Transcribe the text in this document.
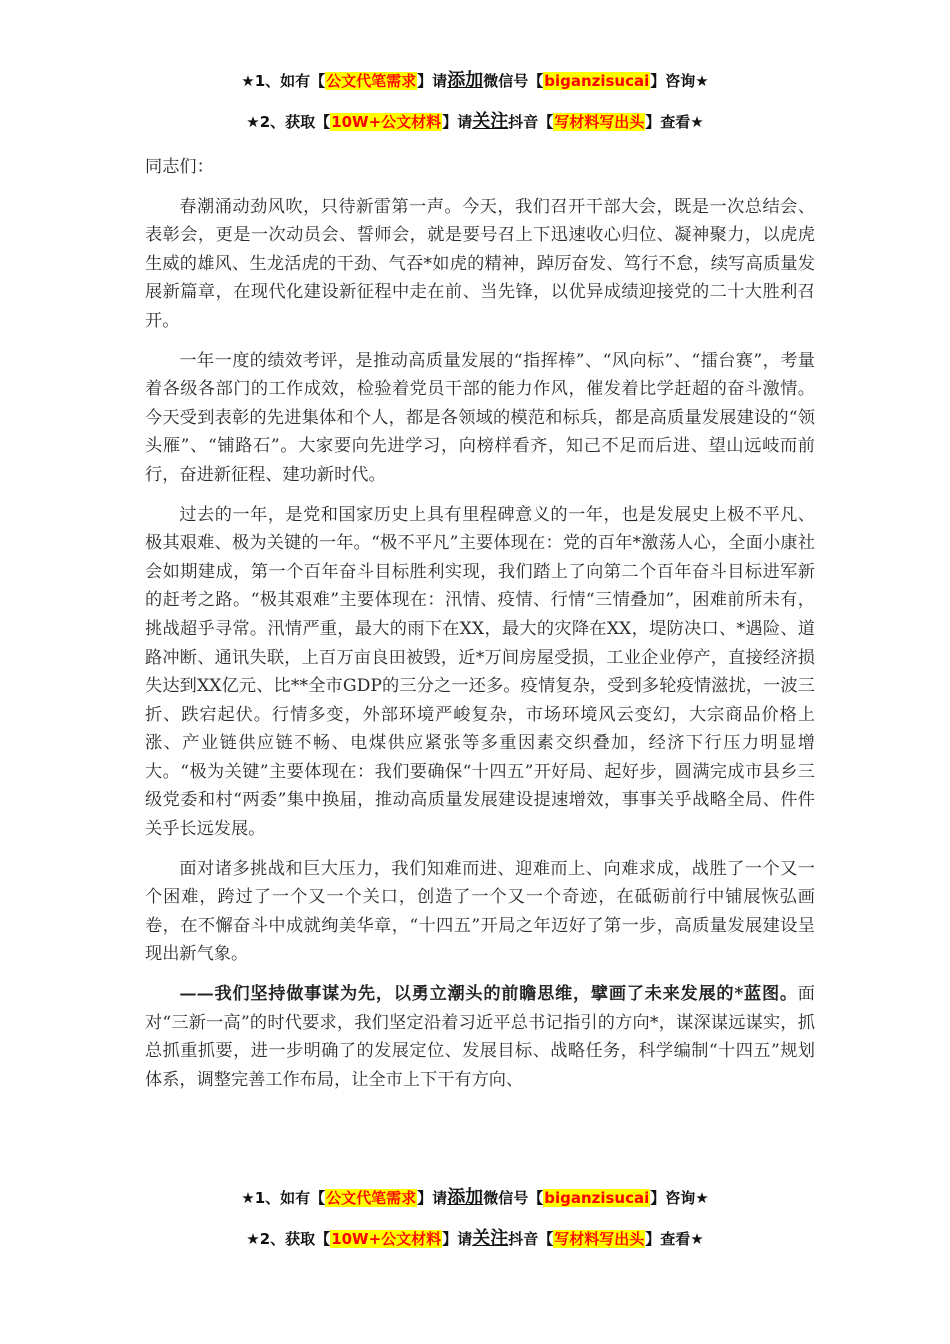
★1、如有【公文代笔需求】请添加微信号【biganzisucai】咨询★
★2、获取【10W+公文材料】请关注抖音【写材料写出头】查看★

同志们：

春潮涌动劲风吹，只待新雷第一声。今天，我们召开干部大会，既是一次总结会、表彰会，更是一次动员会、誓师会，就是要号召上下迅速收心归位、凝神聚力，以虎虎生威的雄风、生龙活虎的干劲、气吞*如虎的精神，踔厉奋发、笃行不怠，续写高质量发展新篇章，在现代化建设新征程中走在前、当先锋，以优异成绩迎接党的二十大胜利召开。

一年一度的绩效考评，是推动高质量发展的“指挥棒”、“风向标”、“擂台赛”，考量着各级各部门的工作成效，检验着党员干部的能力作风，催发着比学赶超的奋斗激情。今天受到表彰的先进集体和个人，都是各领域的模范和标兵，都是高质量发展建设的“领头雁”、“铺路石”。大家要向先进学习，向榜样看齐，知己不足而后进、望山远岐而前行，奋进新征程、建功新时代。

过去的一年，是党和国家历史上具有里程碑意义的一年，也是发展史上极不平凡、极其艰难、极为关键的一年。“极不平凡”主要体现在：党的百年*激荡人心，全面小康社会如期建成，第一个百年奋斗目标胜利实现，我们踏上了向第二个百年奋斗目标进军新的赶考之路。“极其艰难”主要体现在：汛情、疫情、行情“三情叠加”，困难前所未有，挑战超乎寻常。汛情严重，最大的雨下在XX，最大的灾降在XX，堤防决口、*遇险、道路冲断、通讯失联，上百万亩良田被毁，近*万间房屋受损，工业企业停产，直接经济损失达到XX亿元、比**全市GDP的三分之一还多。疫情复杂，受到多轮疫情滋扰，一波三折、跌宕起伏。行情多变，外部环境严峻复杂，市场环境风云变幻，大宗商品价格上涨、产业链供应链不畅、电煤供应紧张等多重因素交织叠加，经济下行压力明显增大。“极为关键”主要体现在：我们要确保“十四五”开好局、起好步，圆满完成市县乡三级党委和村“两委”集中换届，推动高质量发展建设提速增效，事事关乎战略全局、件件关乎长远发展。

面对诸多挑战和巨大压力，我们知难而进、迎难而上、向难求成，战胜了一个又一个困难，跨过了一个又一个关口，创造了一个又一个奇迹，在砥砺前行中铺展恢弘画卷，在不懈奋斗中成就绚美华章，“十四五”开局之年迈好了第一步，高质量发展建设呈现出新气象。

——我们坚持做事谋为先，以勇立潮头的前瞻思维，擘画了未来发展的*蓝图。面对“三新一高”的时代要求，我们坚定沿着习近平总书记指引的方向*，谋深谋远谋实，抓总抓重抓要，进一步明确了的发展定位、发展目标、战略任务，科学编制“十四五”规划体系，调整完善工作布局，让全市上下干有方向、

★1、如有【公文代笔需求】请添加微信号【biganzisucai】咨询★
★2、获取【10W+公文材料】请关注抖音【写材料写出头】查看★
